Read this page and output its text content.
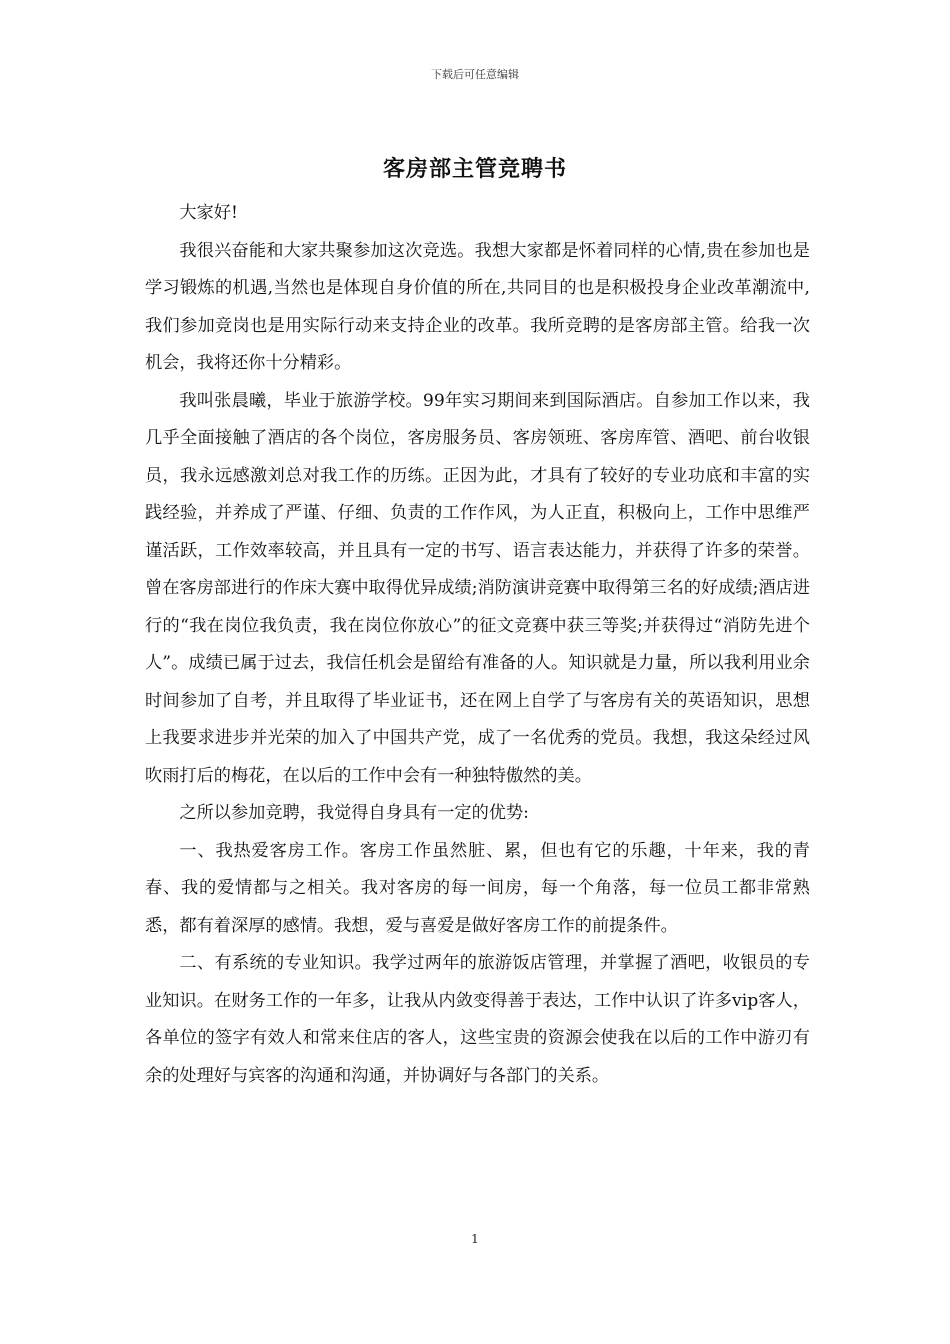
下载后可任意编辑
客房部主管竞聘书

大家好!

我很兴奋能和大家共聚参加这次竞选。我想大家都是怀着同样的心情,贵在参加也是学习锻炼的机遇,当然也是体现自身价值的所在,共同目的也是积极投身企业改革潮流中,我们参加竞岗也是用实际行动来支持企业的改革。我所竞聘的是客房部主管。给我一次机会，我将还你十分精彩。

我叫张晨曦，毕业于旅游学校。99年实习期间来到国际酒店。自参加工作以来，我几乎全面接触了酒店的各个岗位，客房服务员、客房领班、客房库管、酒吧、前台收银员，我永远感激刘总对我工作的历练。正因为此，才具有了较好的专业功底和丰富的实践经验，并养成了严谨、仔细、负责的工作作风，为人正直，积极向上，工作中思维严谨活跃，工作效率较高，并且具有一定的书写、语言表达能力，并获得了许多的荣誉。曾在客房部进行的作床大赛中取得优异成绩;消防演讲竞赛中取得第三名的好成绩;酒店进行的“我在岗位我负责，我在岗位你放心”的征文竞赛中获三等奖;并获得过“消防先进个人”。成绩已属于过去，我信任机会是留给有准备的人。知识就是力量，所以我利用业余时间参加了自考，并且取得了毕业证书，还在网上自学了与客房有关的英语知识，思想上我要求进步并光荣的加入了中国共产党，成了一名优秀的党员。我想，我这朵经过风吹雨打后的梅花，在以后的工作中会有一种独特傲然的美。

之所以参加竞聘，我觉得自身具有一定的优势:

一、我热爱客房工作。客房工作虽然脏、累，但也有它的乐趣，十年来，我的青春、我的爱情都与之相关。我对客房的每一间房，每一个角落，每一位员工都非常熟悉，都有着深厚的感情。我想，爱与喜爱是做好客房工作的前提条件。

二、有系统的专业知识。我学过两年的旅游饭店管理，并掌握了酒吧，收银员的专业知识。在财务工作的一年多，让我从内敛变得善于表达，工作中认识了许多vip客人，各单位的签字有效人和常来住店的客人，这些宝贵的资源会使我在以后的工作中游刃有余的处理好与宾客的沟通和沟通，并协调好与各部门的关系。

1
